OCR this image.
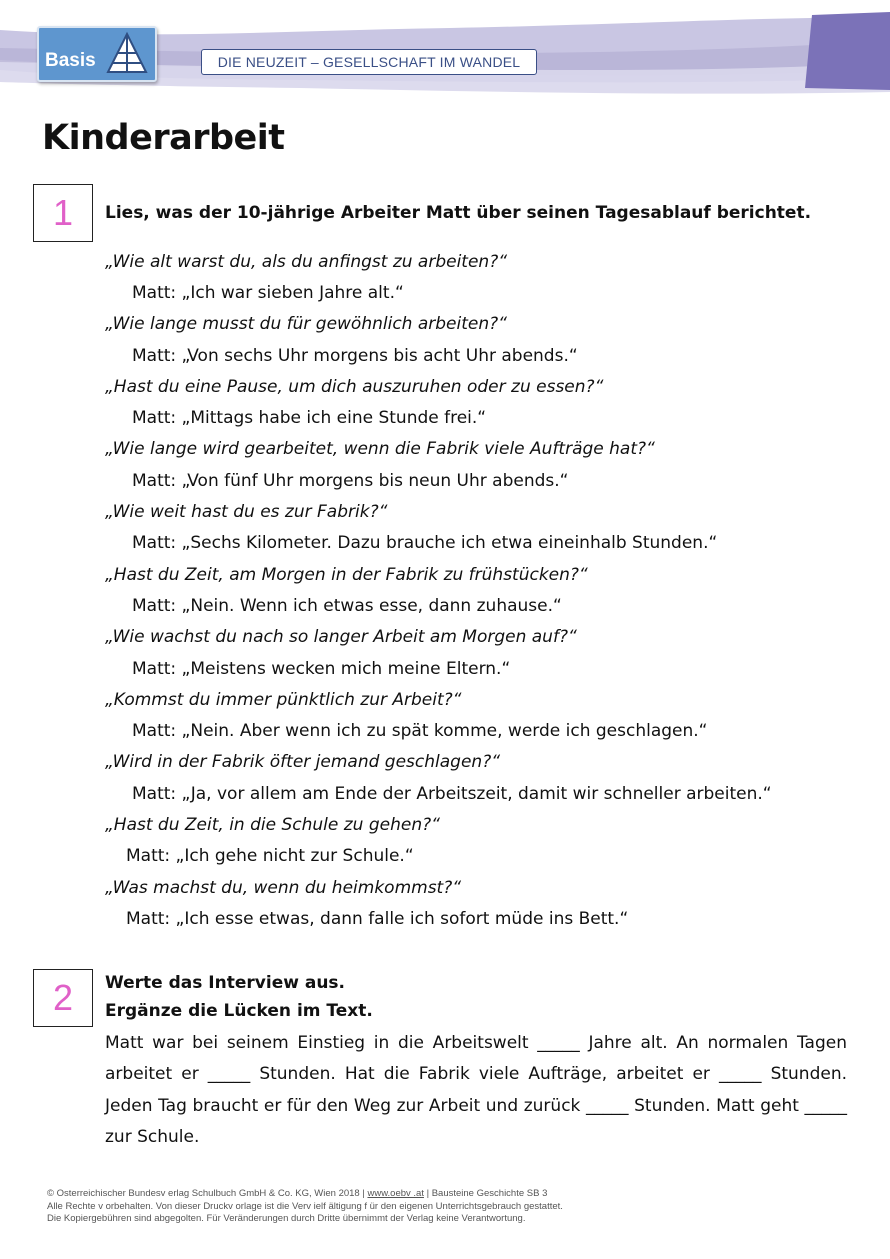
Basis	DIE NEUZEIT – GESELLSCHAFT IM WANDEL
Kinderarbeit
1	Lies, was der 10-jährige Arbeiter Matt über seinen Tagesablauf berichtet.

„Wie alt warst du, als du anfingst zu arbeiten?“
Matt: „Ich war sieben Jahre alt.“
„Wie lange musst du für gewöhnlich arbeiten?“
Matt: „Von sechs Uhr morgens bis acht Uhr abends.“
„Hast du eine Pause, um dich auszuruhen oder zu essen?“
Matt: „Mittags habe ich eine Stunde frei.“
„Wie lange wird gearbeitet, wenn die Fabrik viele Aufträge hat?“
Matt: „Von fünf Uhr morgens bis neun Uhr abends.“
„Wie weit hast du es zur Fabrik?“
Matt: „Sechs Kilometer. Dazu brauche ich etwa eineinhalb Stunden.“
„Hast du Zeit, am Morgen in der Fabrik zu frühstücken?“
Matt: „Nein. Wenn ich etwas esse, dann zuhause.“
„Wie wachst du nach so langer Arbeit am Morgen auf?“
Matt: „Meistens wecken mich meine Eltern.“
„Kommst du immer pünktlich zur Arbeit?“
Matt: „Nein. Aber wenn ich zu spät komme, werde ich geschlagen.“
„Wird in der Fabrik öfter jemand geschlagen?“
Matt: „Ja, vor allem am Ende der Arbeitszeit, damit wir schneller arbeiten.“
„Hast du Zeit, in die Schule zu gehen?“
Matt: „Ich gehe nicht zur Schule.“
„Was machst du, wenn du heimkommst?“
Matt: „Ich esse etwas, dann falle ich sofort müde ins Bett.“
2	Werte das Interview aus.

Ergänze die Lücken im Text.

Matt war bei seinem Einstieg in die Arbeitswelt _____ Jahre alt. An normalen Tagen arbeitet er _____ Stunden. Hat die Fabrik viele Aufträge, arbeitet er _____ Stunden. Jeden Tag braucht er für den Weg zur Arbeit und zurück _____ Stunden. Matt geht _____ zur Schule.

© Osterreichischer Bundesv erlag Schulbuch GmbH & Co. KG, Wien 2018 | www.oebv .at | Bausteine Geschichte SB 3
Alle Rechte v orbehalten. Von dieser Druckv orlage ist die Verv ielf ältigung f ür den eigenen Unterrichtsgebrauch gestattet.
Die Kopiergebühren sind abgegolten. Für Veränderungen durch Dritte übernimmt der Verlag keine Verantwortung.
